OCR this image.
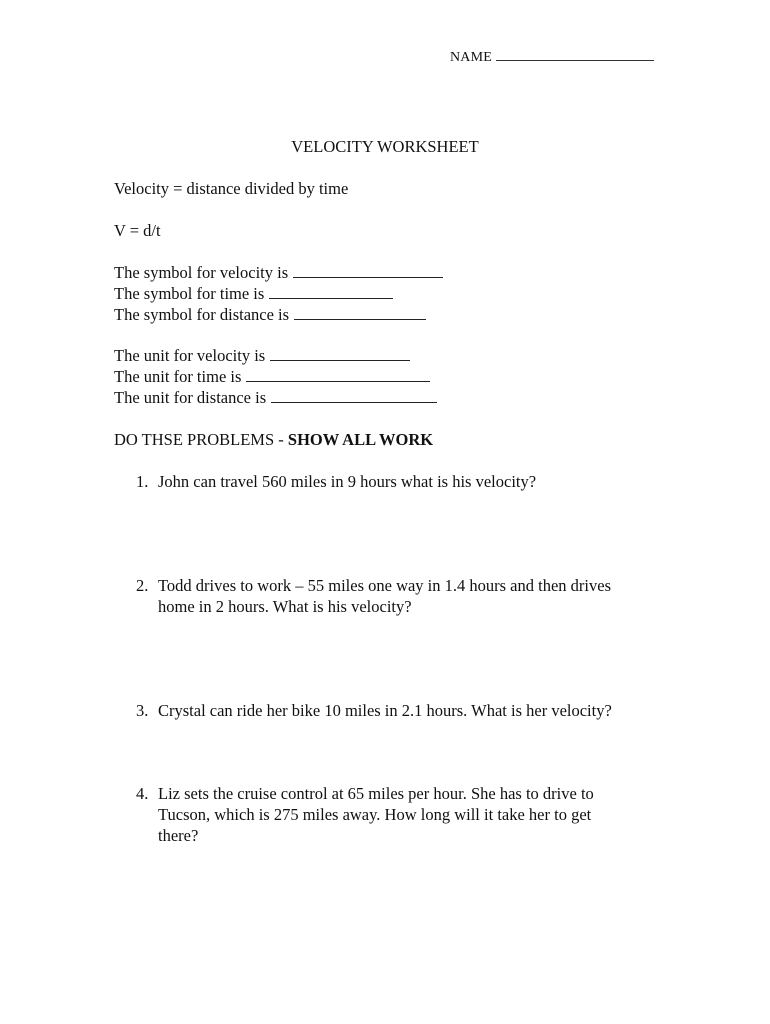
NAME
VELOCITY WORKSHEET
Velocity = distance divided by time
V = d/t
The symbol for velocity is
The symbol for time is
The symbol for distance is
The unit for velocity is
The unit for time is
The unit for distance is
DO THSE PROBLEMS - SHOW ALL WORK
1. John can travel 560 miles in 9 hours what is his velocity?
2. Todd drives to work – 55 miles one way in 1.4 hours and then drives
home in 2 hours. What is his velocity?
3. Crystal can ride her bike 10 miles in 2.1 hours. What is her velocity?
4. Liz sets the cruise control at 65 miles per hour. She has to drive to
Tucson, which is 275 miles away. How long will it take her to get
there?
